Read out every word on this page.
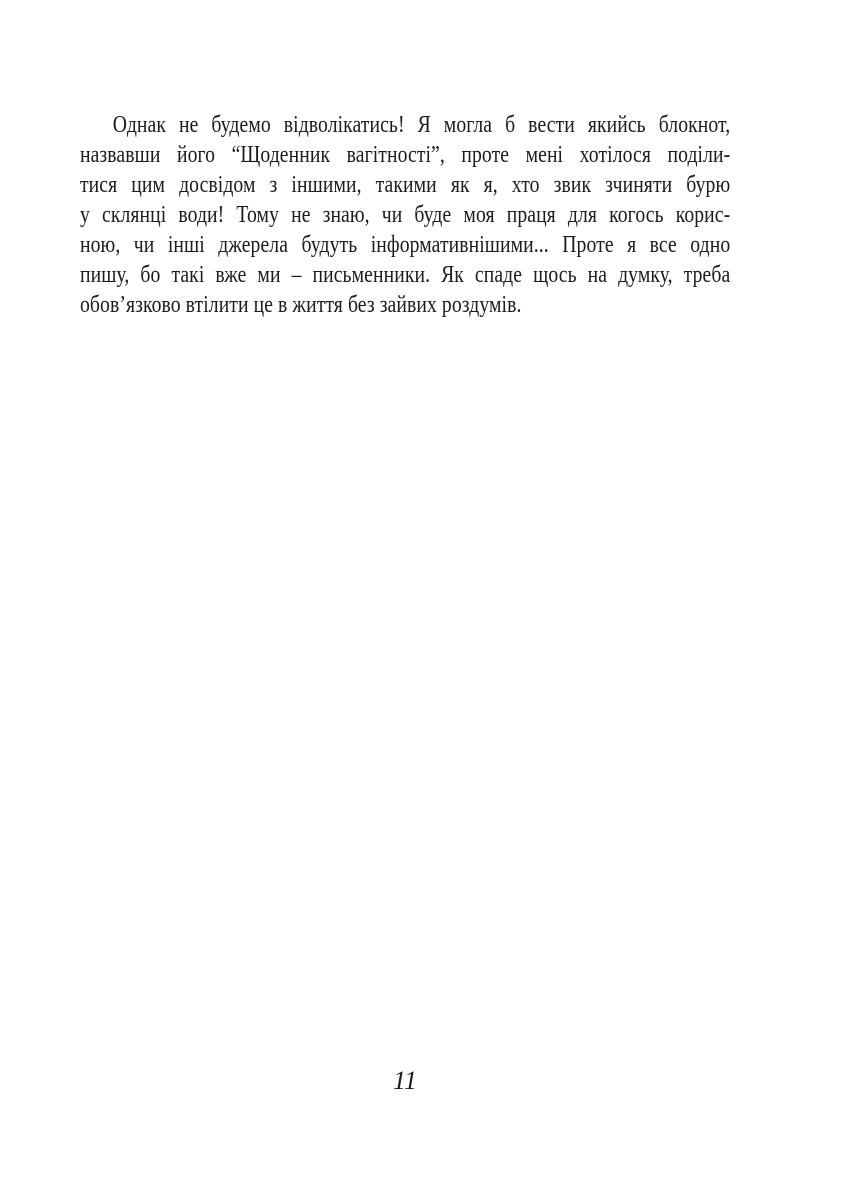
Однак не будемо відволікатись! Я могла б вести якийсь блокнот,
назвавши його “Щоденник вагітності”, проте мені хотілося поділи-
тися цим досвідом з іншими, такими як я, хто звик зчиняти бурю
у склянці води! Тому не знаю, чи буде моя праця для когось корис-
ною, чи інші джерела будуть інформативнішими... Проте я все одно
пишу, бо такі вже ми – письменники. Як спаде щось на думку, треба
обов’язково втілити це в життя без зайвих роздумів.
11
